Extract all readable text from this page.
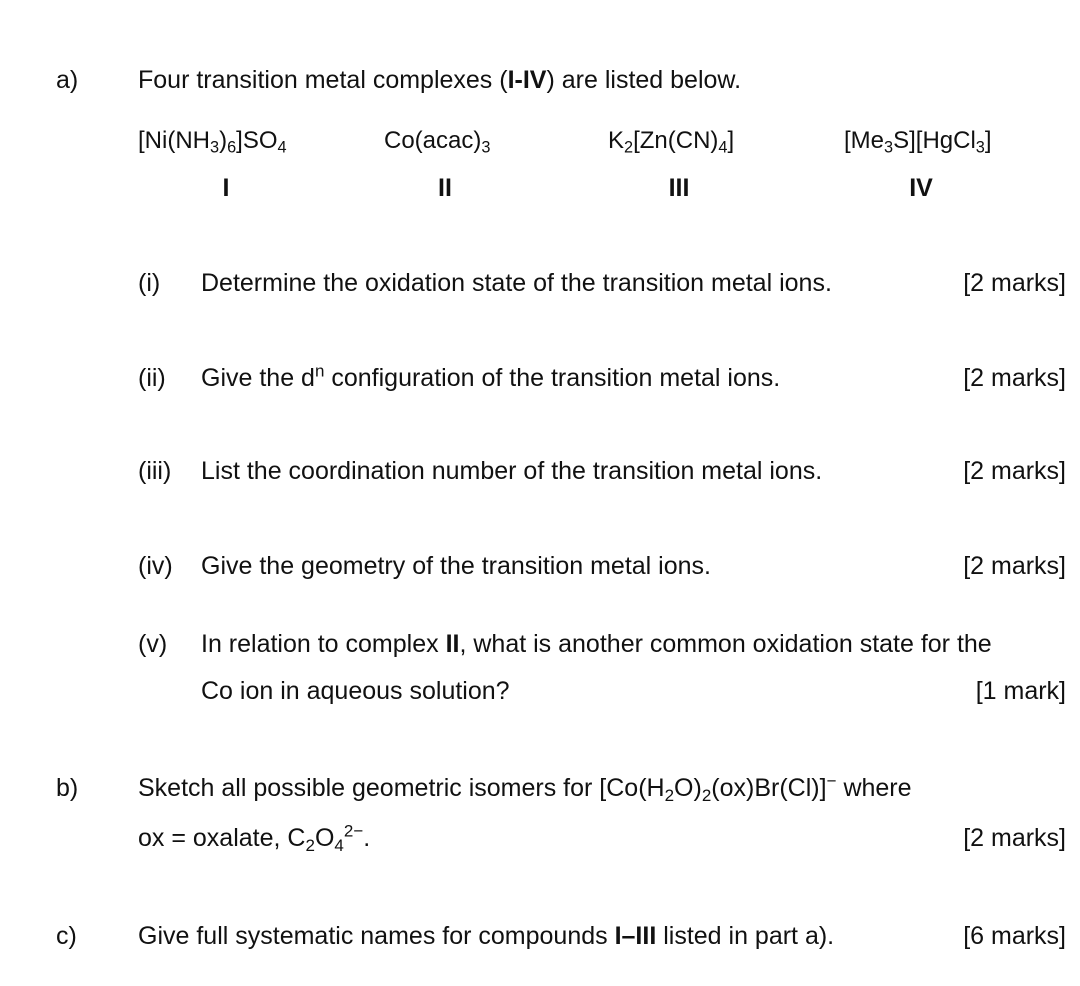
a) Four transition metal complexes (I-IV) are listed below.
$[Ni(NH_3)_6]SO_4$	$Co(acac)_3$	$K_2[Zn(CN)_4]$	$[Me_3S][HgCl_3]$
I	II	III	IV
(i) Determine the oxidation state of the transition metal ions.	[2 marks]
(ii) Give the $d^n$ configuration of the transition metal ions.	[2 marks]
(iii) List the coordination number of the transition metal ions.	[2 marks]
(iv) Give the geometry of the transition metal ions.	[2 marks]
(v) In relation to complex II, what is another common oxidation state for the
Co ion in aqueous solution?	[1 mark]
b) Sketch all possible geometric isomers for $[Co(H_2O)_2(ox)Br(Cl)]^-$ where
ox = oxalate, $C_2O_4^{2-}$.	[2 marks]
c) Give full systematic names for compounds I–III listed in part a).	[6 marks]
